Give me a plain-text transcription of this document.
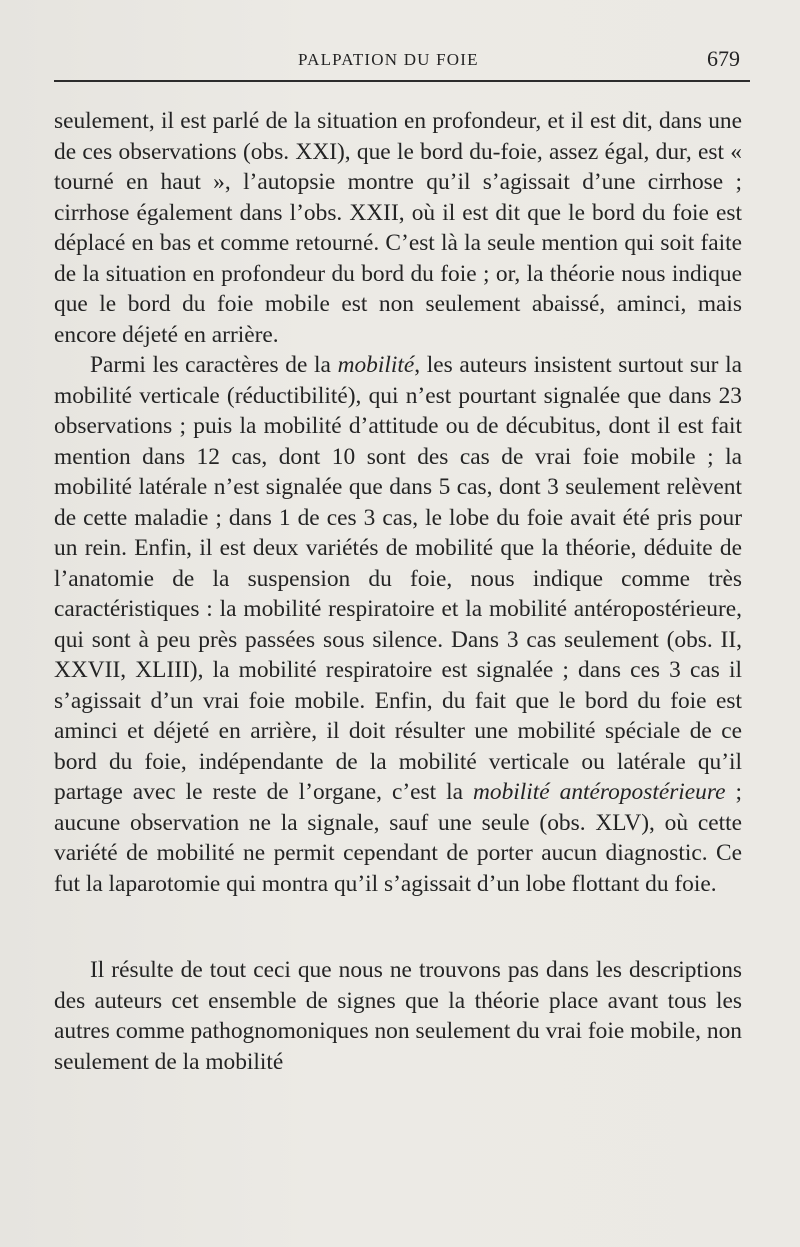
PALPATION DU FOIE	679

seulement, il est parlé de la situation en profondeur, et il est dit, dans une de ces observations (obs. XXI), que le bord du-foie, assez égal, dur, est « tourné en haut », l’autopsie montre qu’il s’agissait d’une cirrhose ; cirrhose également dans l’obs. XXII, où il est dit que le bord du foie est déplacé en bas et comme retourné. C’est là la seule mention qui soit faite de la situation en profondeur du bord du foie ; or, la théorie nous indique que le bord du foie mobile est non seulement abaissé, aminci, mais encore déjeté en arrière.

Parmi les caractères de la mobilité, les auteurs insistent surtout sur la mobilité verticale (réductibilité), qui n’est pourtant signalée que dans 23 observations ; puis la mobilité d’attitude ou de décubitus, dont il est fait mention dans 12 cas, dont 10 sont des cas de vrai foie mobile ; la mobilité latérale n’est signalée que dans 5 cas, dont 3 seulement relèvent de cette maladie ; dans 1 de ces 3 cas, le lobe du foie avait été pris pour un rein. Enfin, il est deux variétés de mobilité que la théorie, déduite de l’anatomie de la suspension du foie, nous indique comme très caractéristiques : la mobilité respiratoire et la mobilité antéropostérieure, qui sont à peu près passées sous silence. Dans 3 cas seulement (obs. II, XXVII, XLIII), la mobilité respiratoire est signalée ; dans ces 3 cas il s’agissait d’un vrai foie mobile. Enfin, du fait que le bord du foie est aminci et déjeté en arrière, il doit résulter une mobilité spéciale de ce bord du foie, indépendante de la mobilité verticale ou latérale qu’il partage avec le reste de l’organe, c’est la mobilité antéropostérieure ; aucune observation ne la signale, sauf une seule (obs. XLV), où cette variété de mobilité ne permit cependant de porter aucun diagnostic. Ce fut la laparotomie qui montra qu’il s’agissait d’un lobe flottant du foie.

Il résulte de tout ceci que nous ne trouvons pas dans les descriptions des auteurs cet ensemble de signes que la théorie place avant tous les autres comme pathognomoniques non seulement du vrai foie mobile, non seulement de la mobilité
